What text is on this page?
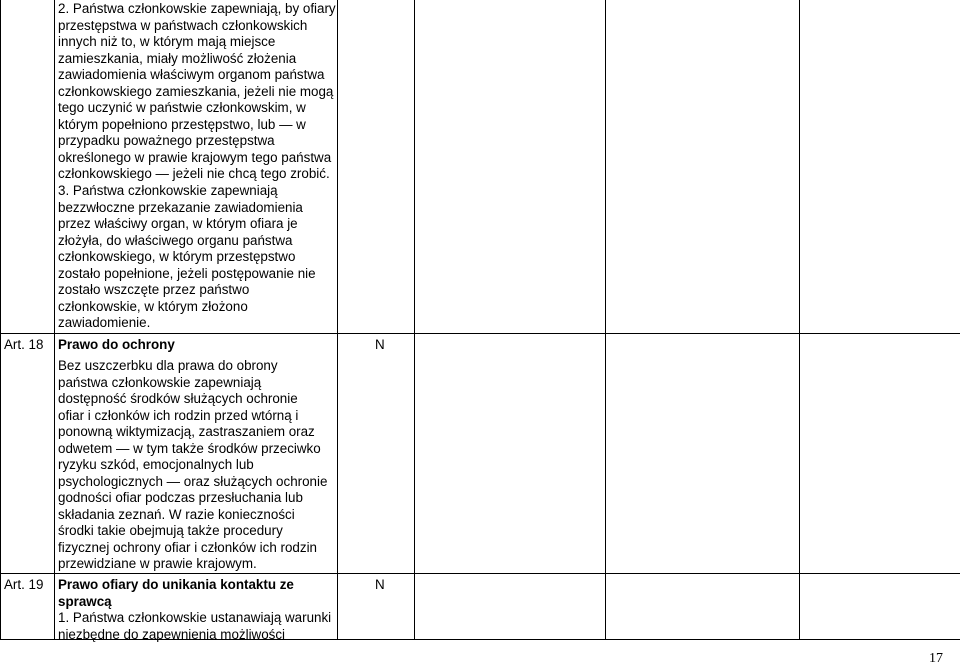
2. Państwa członkowskie zapewniają, by ofiary
przestępstwa w państwach członkowskich
innych niż to, w którym mają miejsce
zamieszkania, miały możliwość złożenia
zawiadomienia właściwym organom państwa
członkowskiego zamieszkania, jeżeli nie mogą
tego uczynić w państwie członkowskim, w
którym popełniono przestępstwo, lub — w
przypadku poważnego przestępstwa
określonego w prawie krajowym tego państwa
członkowskiego — jeżeli nie chcą tego zrobić.
3. Państwa członkowskie zapewniają
bezzwłoczne przekazanie zawiadomienia
przez właściwy organ, w którym ofiara je
złożyła, do właściwego organu państwa
członkowskiego, w którym przestępstwo
zostało popełnione, jeżeli postępowanie nie
zostało wszczęte przez państwo
członkowskie, w którym złożono
zawiadomienie.
Art. 18	Prawo do ochrony
Bez uszczerbku dla prawa do obrony
państwa członkowskie zapewniają
dostępność środków służących ochronie
ofiar i członków ich rodzin przed wtórną i
ponowną wiktymizacją, zastraszaniem oraz
odwetem — w tym także środków przeciwko
ryzyku szkód, emocjonalnych lub
psychologicznych — oraz służących ochronie
godności ofiar podczas przesłuchania lub
składania zeznań. W razie konieczności
środki takie obejmują także procedury
fizycznej ochrony ofiar i członków ich rodzin
przewidziane w prawie krajowym.
N
Art. 19	Prawo ofiary do unikania kontaktu ze
sprawcą
1. Państwa członkowskie ustanawiają warunki
niezbędne do zapewnienia możliwości
N
17
